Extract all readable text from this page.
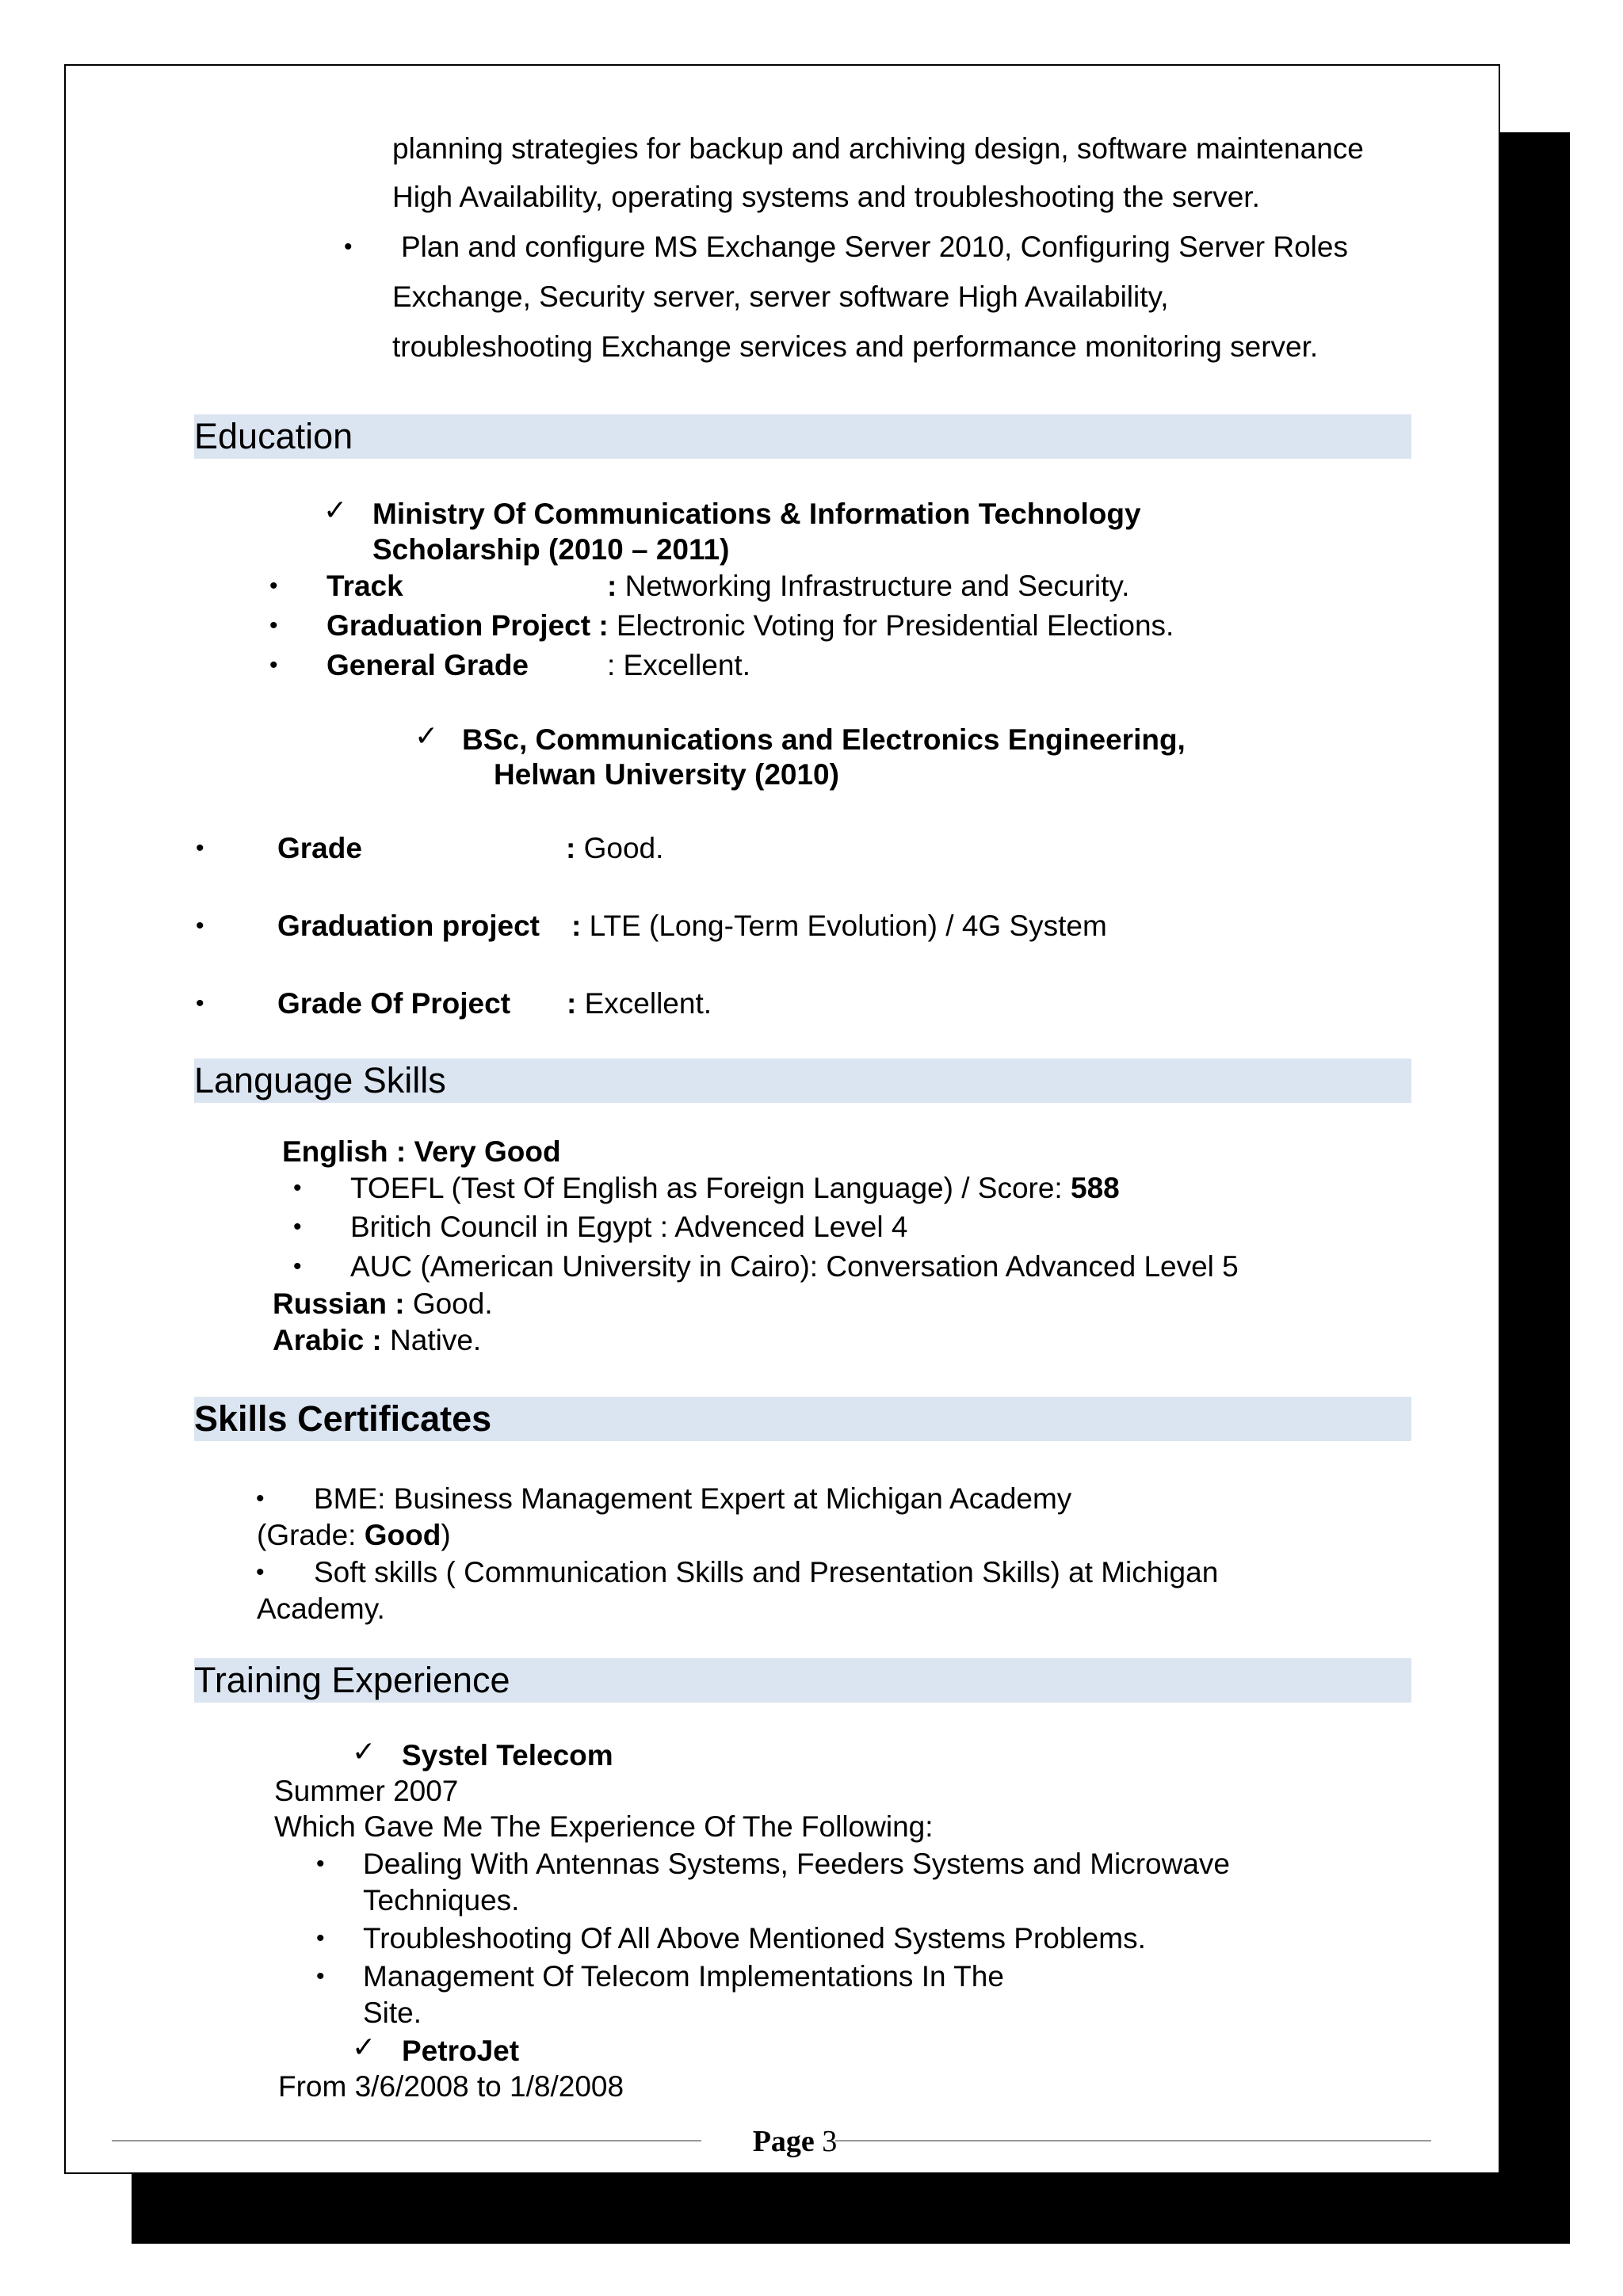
planning strategies for backup and archiving design, software maintenance
High Availability, operating systems and troubleshooting the server.
• Plan and configure MS Exchange Server 2010, Configuring Server Roles
Exchange, Security server, server software High Availability,
troubleshooting Exchange services and performance monitoring server.
Education
✓ Ministry Of Communications & Information Technology
Scholarship (2010 – 2011)
• Track	: Networking Infrastructure and Security.
• Graduation Project : Electronic Voting for Presidential Elections.
• General Grade	: Excellent.
✓ BSc, Communications and Electronics Engineering,
Helwan University (2010)
• Grade	: Good.
• Graduation project : LTE (Long-Term Evolution) / 4G System
• Grade Of Project : Excellent.
Language Skills
English : Very Good
• TOEFL (Test Of English as Foreign Language) / Score: 588
• Britich Council in Egypt : Advenced Level 4
• AUC (American University in Cairo): Conversation Advanced Level 5
Russian : Good.
Arabic : Native.
Skills Certificates
• BME: Business Management Expert at Michigan Academy
(Grade: Good)
• Soft skills ( Communication Skills and Presentation Skills) at Michigan
Academy.
Training Experience
✓ Systel Telecom
Summer 2007
Which Gave Me The Experience Of The Following:
• Dealing With Antennas Systems, Feeders Systems and Microwave
Techniques.
• Troubleshooting Of All Above Mentioned Systems Problems.
• Management Of Telecom Implementations In The
Site.
✓ PetroJet
From 3/6/2008 to 1/8/2008
Page 3
